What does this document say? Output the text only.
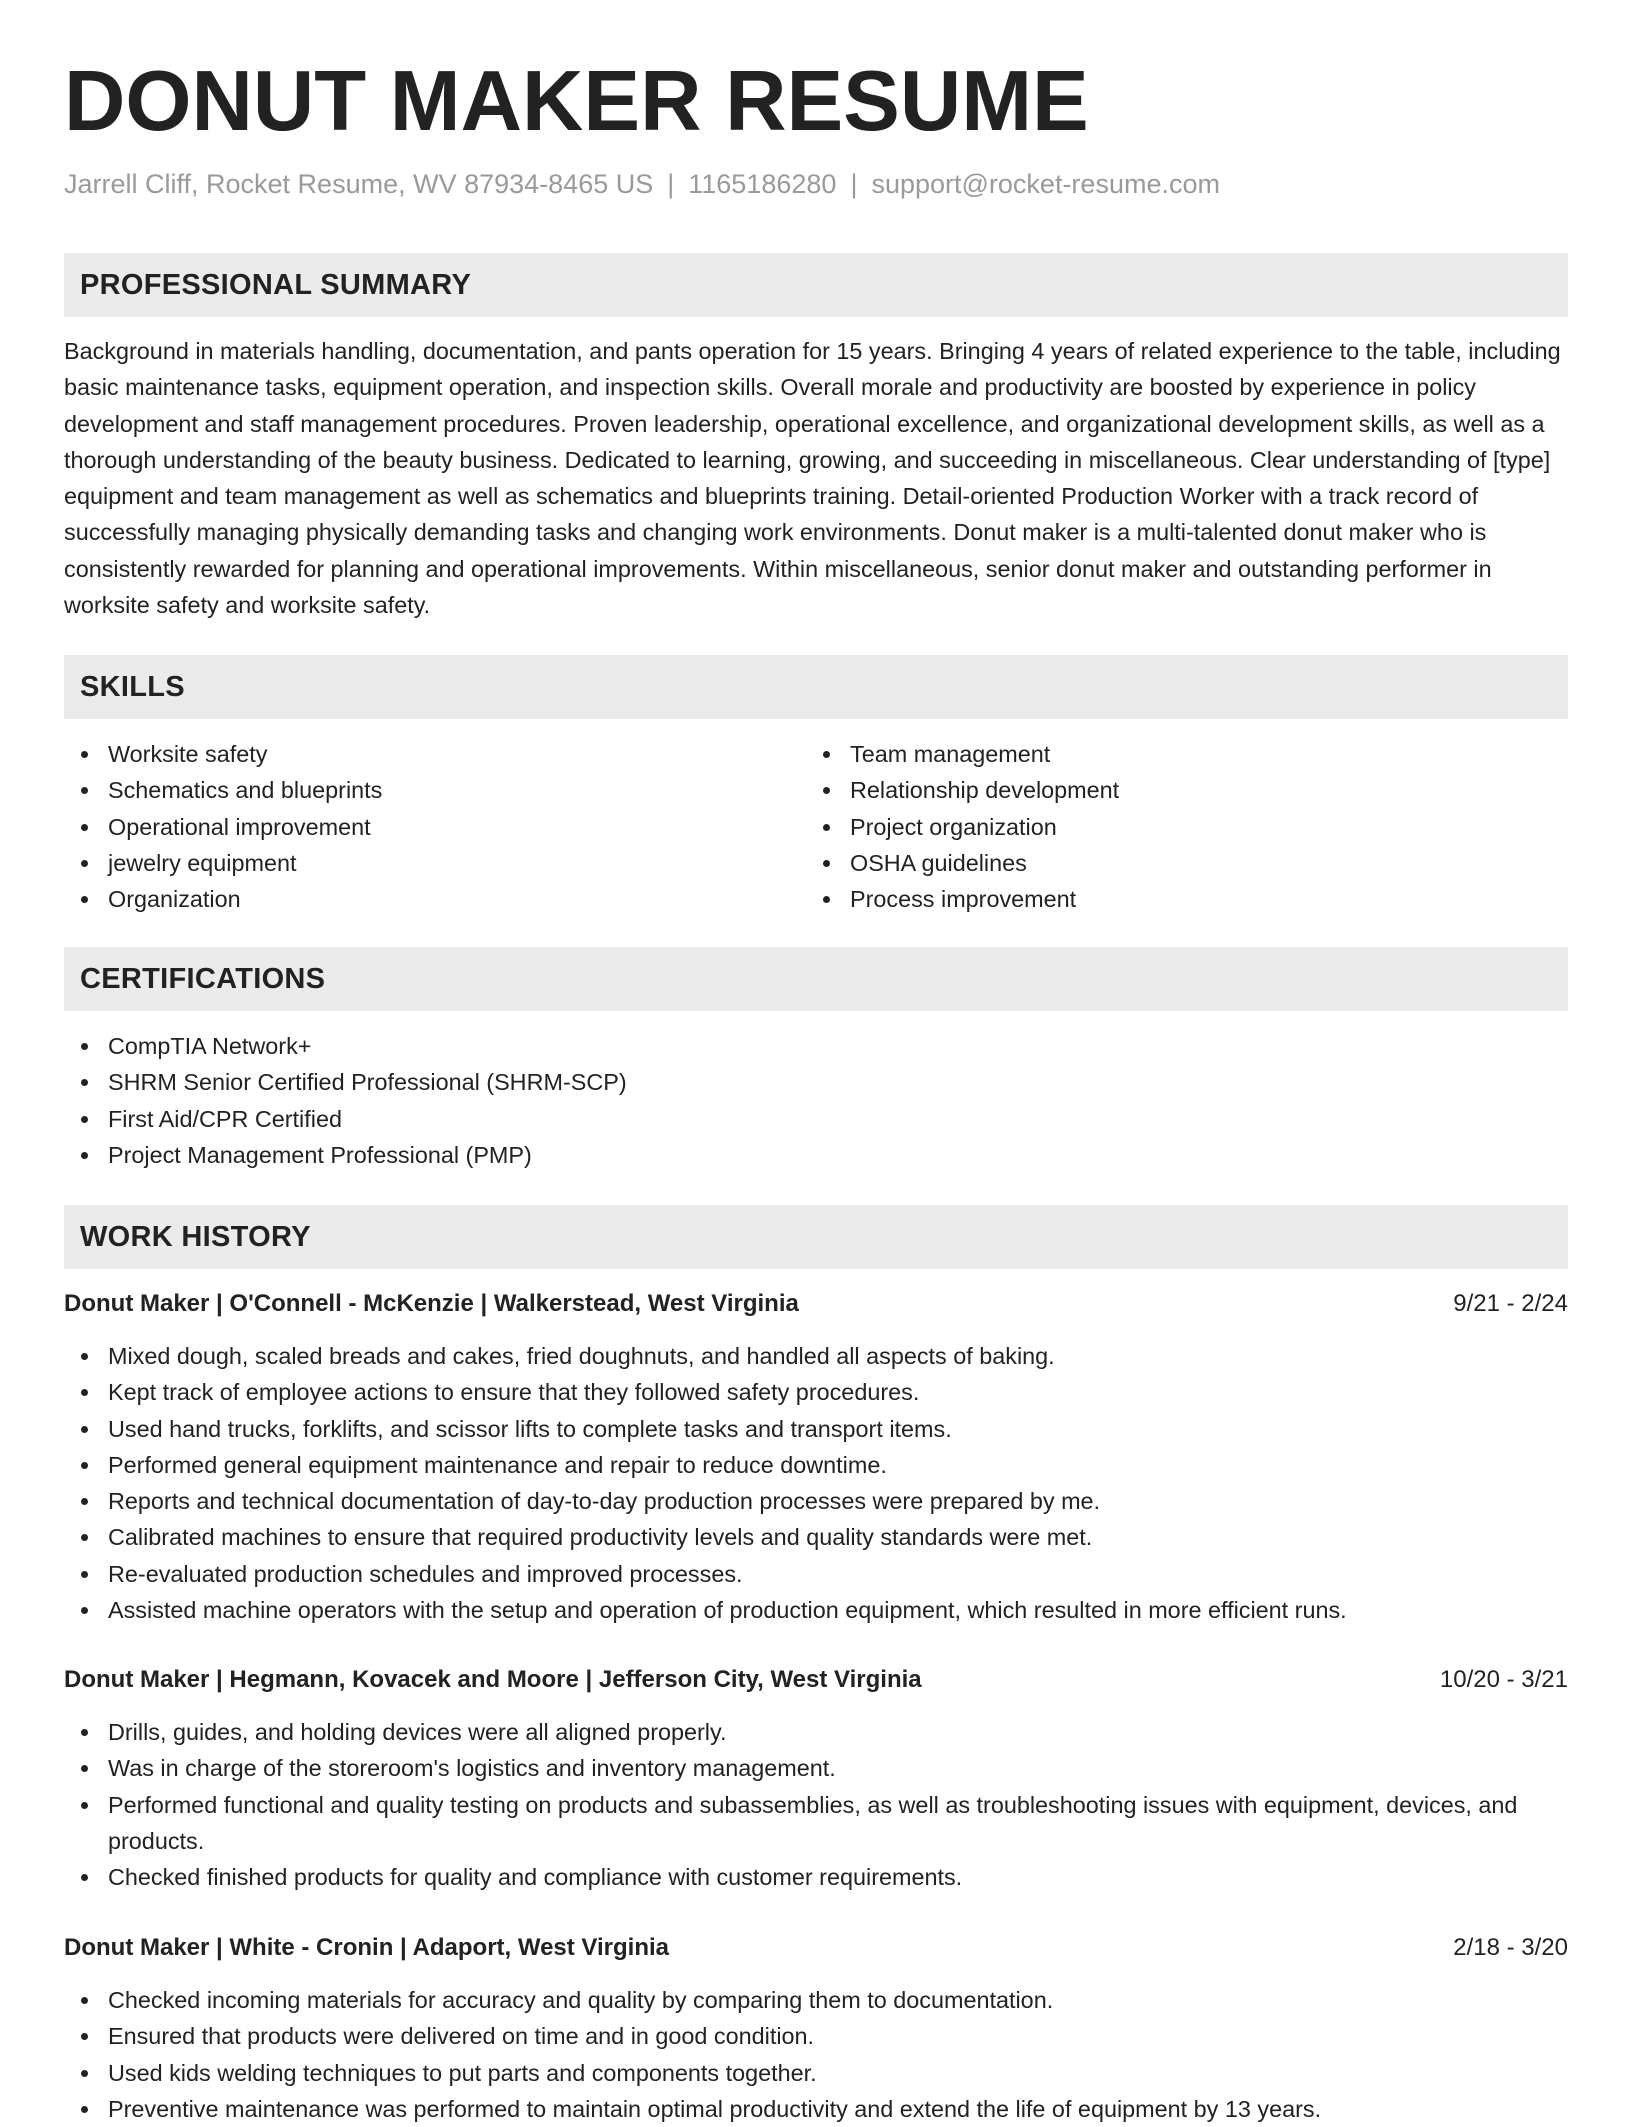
DONUT MAKER RESUME
Jarrell Cliff, Rocket Resume, WV 87934-8465 US | 1165186280 | support@rocket-resume.com
PROFESSIONAL SUMMARY

Background in materials handling, documentation, and pants operation for 15 years. Bringing 4 years of related experience to the table, including basic maintenance tasks, equipment operation, and inspection skills. Overall morale and productivity are boosted by experience in policy development and staff management procedures. Proven leadership, operational excellence, and organizational development skills, as well as a thorough understanding of the beauty business. Dedicated to learning, growing, and succeeding in miscellaneous. Clear understanding of [type] equipment and team management as well as schematics and blueprints training. Detail-oriented Production Worker with a track record of successfully managing physically demanding tasks and changing work environments. Donut maker is a multi-talented donut maker who is consistently rewarded for planning and operational improvements. Within miscellaneous, senior donut maker and outstanding performer in worksite safety and worksite safety.

SKILLS
Worksite safety
Schematics and blueprints
Operational improvement
jewelry equipment
Organization
Team management
Relationship development
Project organization
OSHA guidelines
Process improvement
CERTIFICATIONS
CompTIA Network+
SHRM Senior Certified Professional (SHRM-SCP)
First Aid/CPR Certified
Project Management Professional (PMP)
WORK HISTORY
Donut Maker | O'Connell - McKenzie | Walkerstead, West Virginia	9/21 - 2/24
Mixed dough, scaled breads and cakes, fried doughnuts, and handled all aspects of baking.
Kept track of employee actions to ensure that they followed safety procedures.
Used hand trucks, forklifts, and scissor lifts to complete tasks and transport items.
Performed general equipment maintenance and repair to reduce downtime.
Reports and technical documentation of day-to-day production processes were prepared by me.
Calibrated machines to ensure that required productivity levels and quality standards were met.
Re-evaluated production schedules and improved processes.
Assisted machine operators with the setup and operation of production equipment, which resulted in more efficient runs.
Donut Maker | Hegmann, Kovacek and Moore | Jefferson City, West Virginia	10/20 - 3/21
Drills, guides, and holding devices were all aligned properly.
Was in charge of the storeroom's logistics and inventory management.
Performed functional and quality testing on products and subassemblies, as well as troubleshooting issues with equipment, devices, and products.
Checked finished products for quality and compliance with customer requirements.
Donut Maker | White - Cronin | Adaport, West Virginia	2/18 - 3/20
Checked incoming materials for accuracy and quality by comparing them to documentation.
Ensured that products were delivered on time and in good condition.
Used kids welding techniques to put parts and components together.
Preventive maintenance was performed to maintain optimal productivity and extend the life of equipment by 13 years.
